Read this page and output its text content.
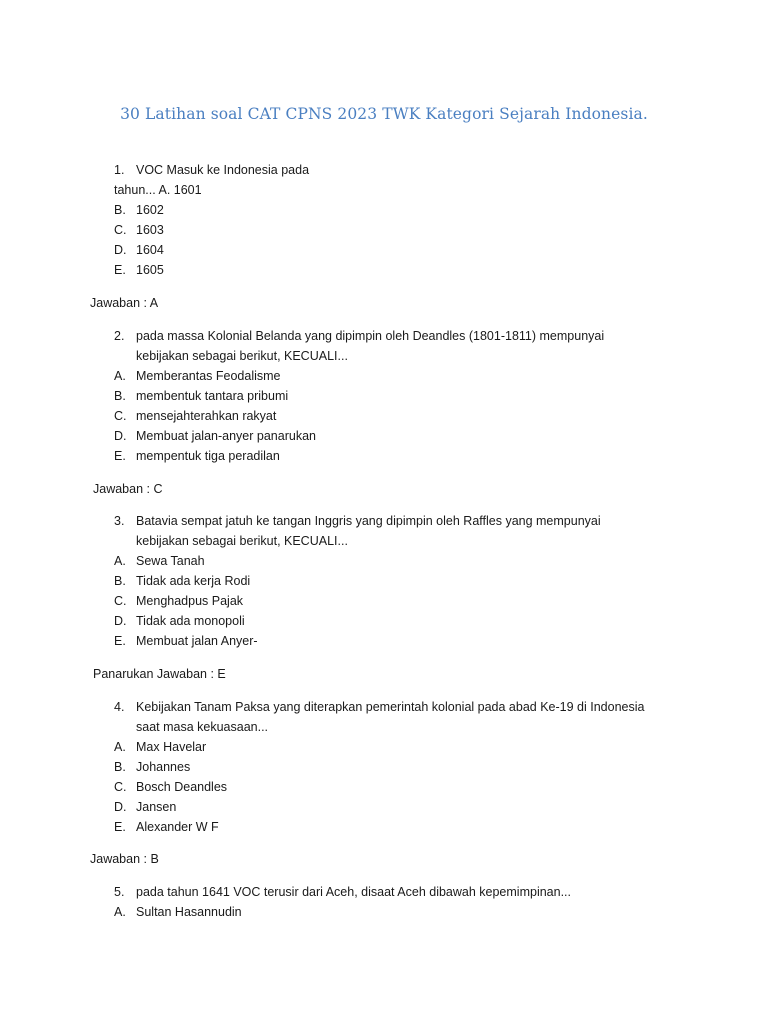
30 Latihan soal CAT CPNS 2023 TWK Kategori Sejarah Indonesia.
1. VOC Masuk ke Indonesia pada
tahun... A. 1601
B. 1602
C. 1603
D. 1604
E. 1605
Jawaban : A
2. pada massa Kolonial Belanda yang dipimpin oleh Deandles (1801-1811) mempunyai
kebijakan sebagai berikut, KECUALI...
A. Memberantas Feodalisme
B. membentuk tantara pribumi
C. mensejahterahkan rakyat
D. Membuat jalan-anyer panarukan
E. mempentuk tiga peradilan
Jawaban : C
3. Batavia sempat jatuh ke tangan Inggris yang dipimpin oleh Raffles yang mempunyai
kebijakan sebagai berikut, KECUALI...
A. Sewa Tanah
B. Tidak ada kerja Rodi
C. Menghadpus Pajak
D. Tidak ada monopoli
E. Membuat jalan Anyer-
Panarukan Jawaban : E
4. Kebijakan Tanam Paksa yang diterapkan pemerintah kolonial pada abad Ke-19 di Indonesia
saat masa kekuasaan...
A. Max Havelar
B. Johannes
C. Bosch Deandles
D. Jansen
E. Alexander W F
Jawaban : B
5. pada tahun 1641 VOC terusir dari Aceh, disaat Aceh dibawah kepemimpinan...
A. Sultan Hasannudin
